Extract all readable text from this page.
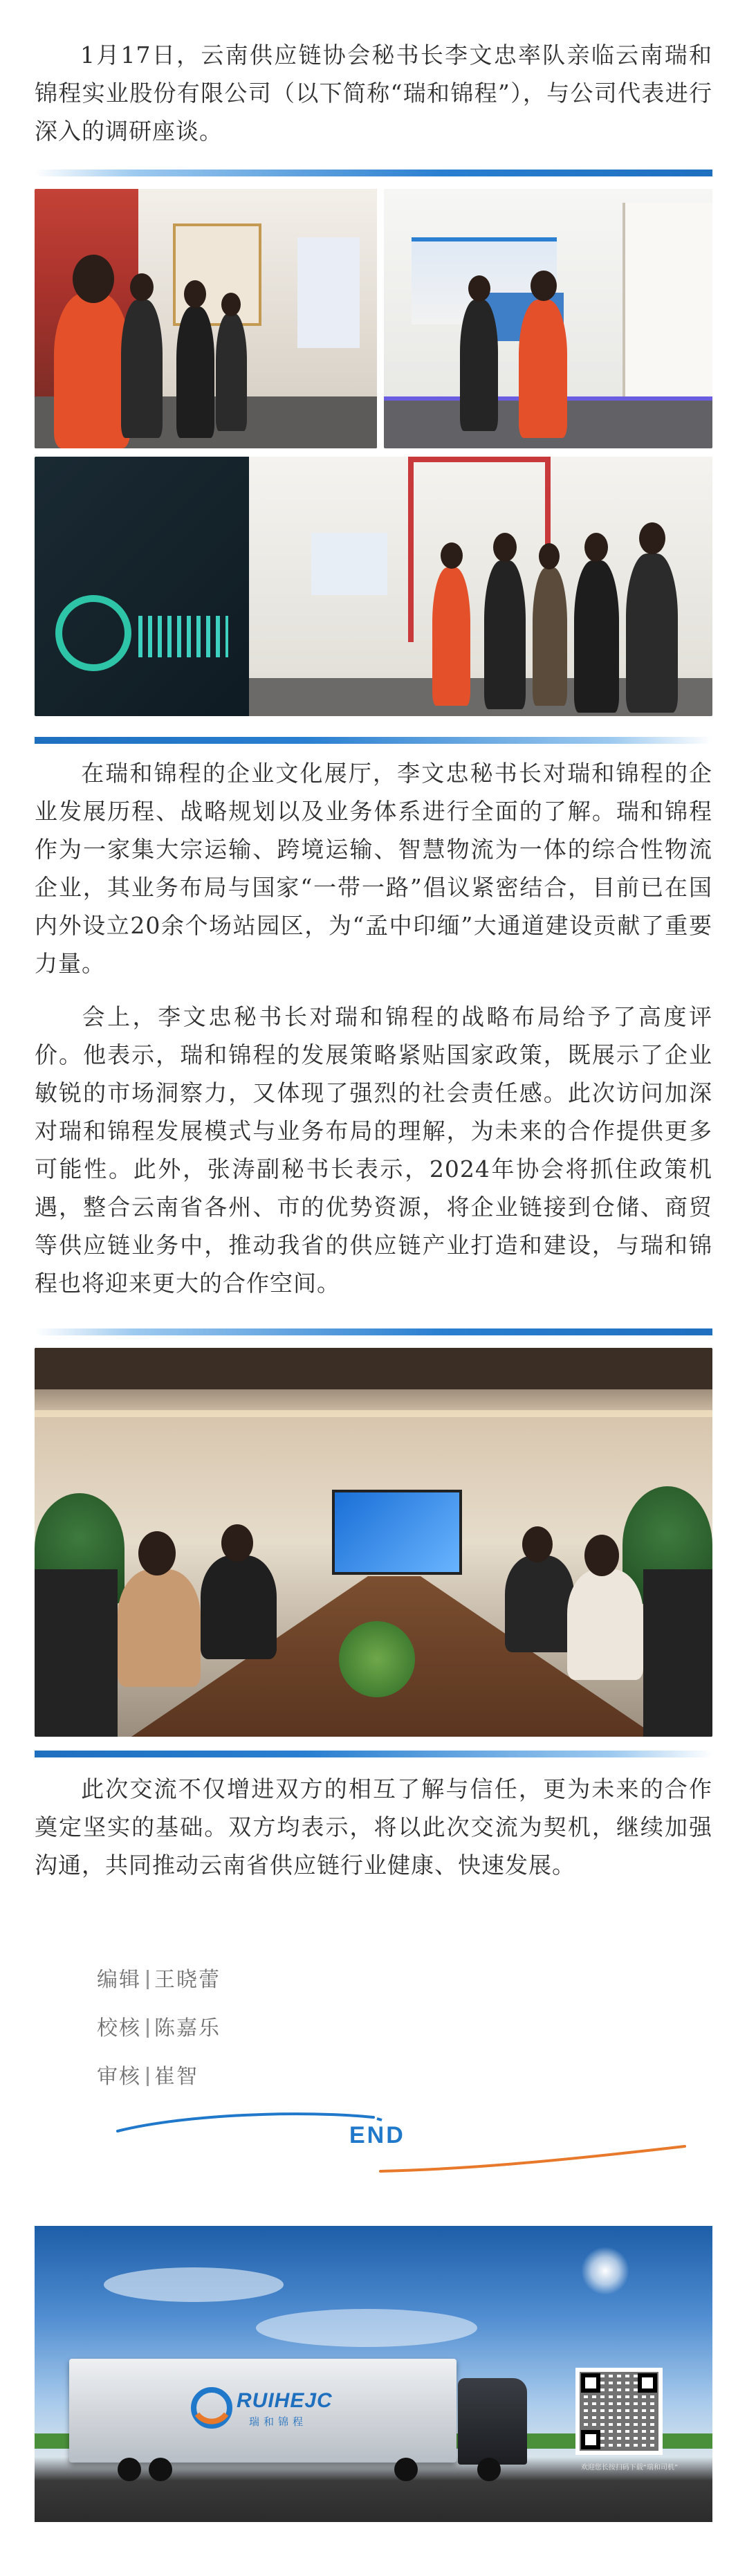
1月17日，云南供应链协会秘书长李文忠率队亲临云南瑞和锦程实业股份有限公司（以下简称“瑞和锦程”），与公司代表进行深入的调研座谈。

在瑞和锦程的企业文化展厅，李文忠秘书长对瑞和锦程的企业发展历程、战略规划以及业务体系进行全面的了解。瑞和锦程作为一家集大宗运输、跨境运输、智慧物流为一体的综合性物流企业，其业务布局与国家“一带一路”倡议紧密结合，目前已在国内外设立20余个场站园区，为“孟中印缅”大通道建设贡献了重要力量。

会上，李文忠秘书长对瑞和锦程的战略布局给予了高度评价。他表示，瑞和锦程的发展策略紧贴国家政策，既展示了企业敏锐的市场洞察力，又体现了强烈的社会责任感。此次访问加深对瑞和锦程发展模式与业务布局的理解，为未来的合作提供更多可能性。此外，张涛副秘书长表示，2024年协会将抓住政策机遇，整合云南省各州、市的优势资源，将企业链接到仓储、商贸等供应链业务中，推动我省的供应链产业打造和建设，与瑞和锦程也将迎来更大的合作空间。

此次交流不仅增进双方的相互了解与信任，更为未来的合作奠定坚实的基础。双方均表示，将以此次交流为契机，继续加强沟通，共同推动云南省供应链行业健康、快速发展。

编辑 王晓蕾
校核 陈嘉乐
审核 崔智
END
RUIHEJC
瑞和锦程
欢迎您长按扫码下载“瑞和司机”
